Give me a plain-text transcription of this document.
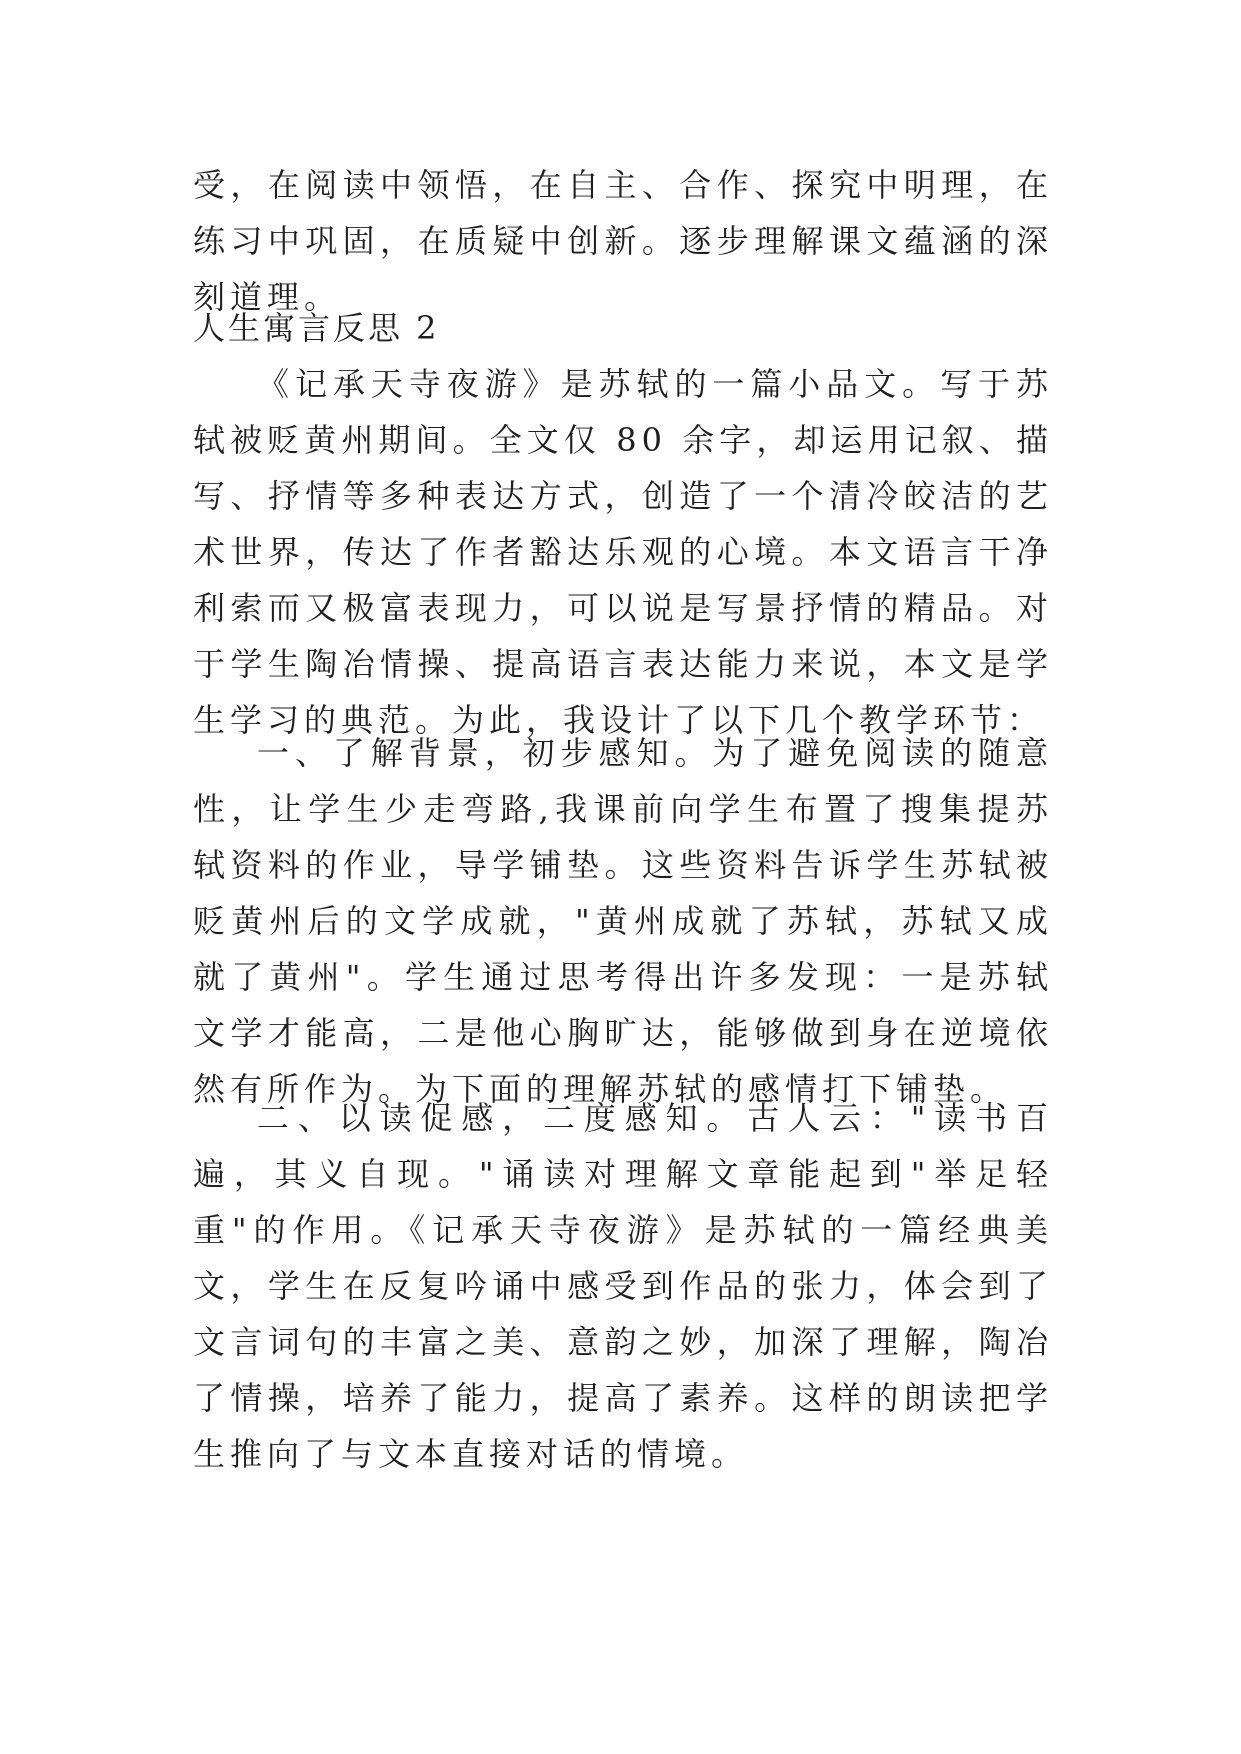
受，在阅读中领悟，在自主、合作、探究中明理，在练习中巩固，在质疑中创新。逐步理解课文蕴涵的深刻道理。

人生寓言反思 2

《记承天寺夜游》是苏轼的一篇小品文。写于苏轼被贬黄州期间。全文仅 80 余字，却运用记叙、描写、抒情等多种表达方式，创造了一个清冷皎洁的艺术世界，传达了作者豁达乐观的心境。本文语言干净利索而又极富表现力，可以说是写景抒情的精品。对于学生陶冶情操、提高语言表达能力来说，本文是学生学习的典范。为此，我设计了以下几个教学环节：

一、了解背景，初步感知。为了避免阅读的随意性，让学生少走弯路,我课前向学生布置了搜集提苏轼资料的作业，导学铺垫。这些资料告诉学生苏轼被贬黄州后的文学成就，"黄州成就了苏轼，苏轼又成就了黄州"。学生通过思考得出许多发现：一是苏轼文学才能高，二是他心胸旷达，能够做到身在逆境依然有所作为。为下面的理解苏轼的感情打下铺垫。

二、以读促感，二度感知。古人云："读书百遍，其义自现。"诵读对理解文章能起到"举足轻重"的作用。《记承天寺夜游》是苏轼的一篇经典美文，学生在反复吟诵中感受到作品的张力，体会到了文言词句的丰富之美、意韵之妙，加深了理解，陶冶了情操，培养了能力，提高了素养。这样的朗读把学生推向了与文本直接对话的情境。
